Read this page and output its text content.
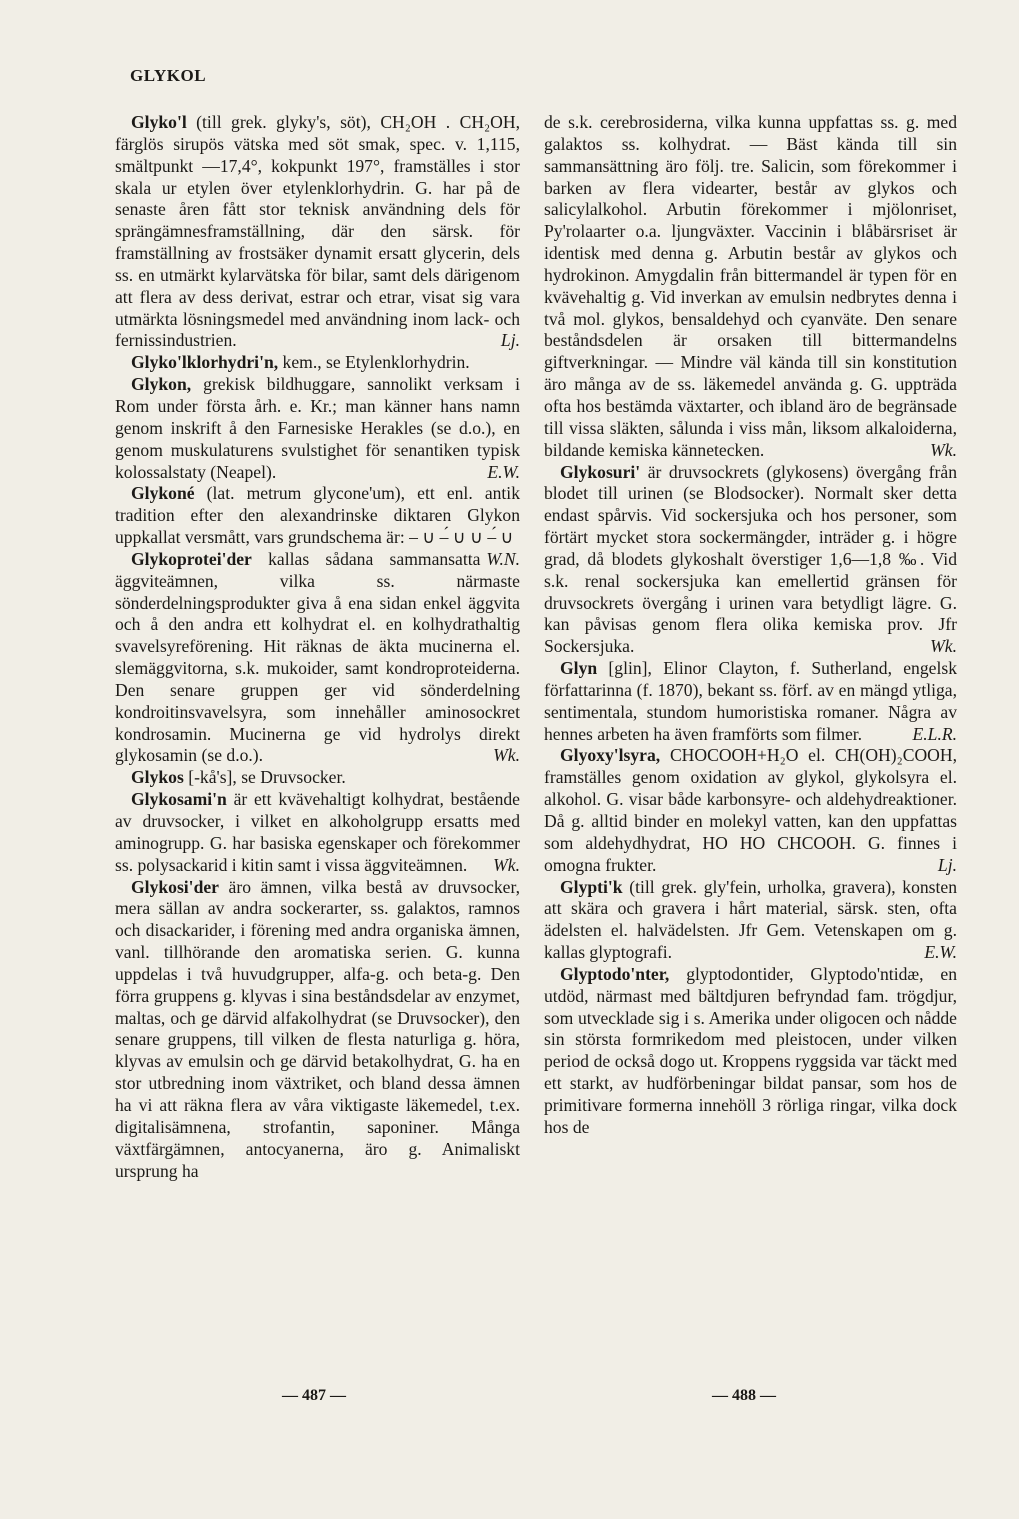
GLYKOL

Glyko'l (till grek. glyky's, söt), CH₂OH . CH₂OH, färglös sirupös vätska med söt smak, spec. v. 1,115, smältpunkt —17,4°, kokpunkt 197°, framställes i stor skala ur etylen över etylenklorhydrin. G. har på de senaste åren fått stor teknisk användning dels för sprängämnesframställning, där den särsk. för framställning av frostsäker dynamit ersatt glycerin, dels ss. en utmärkt kylarvätska för bilar, samt dels därigenom att flera av dess derivat, estrar och etrar, visat sig vara utmärkta lösningsmedel med användning inom lack- och fernissindustrien.	Lj.

Glyko'lklorhydri'n, kem., se Etylenklorhydrin.

Glykon, grekisk bildhuggare, sannolikt verksam i Rom under första årh. e. Kr.; man känner hans namn genom inskrift å den Farnesiske Herakles (se d.o.), en genom muskulaturens svulstighet för senantiken typisk kolossalstaty (Neapel).	E.W.

Glykoné (lat. metrum glycone'um), ett enl. antik tradition efter den alexandrinske diktaren Glykon uppkallat versmått, vars grundschema är: – ∪ –́ ∪ ∪ –́ ∪
W.N.

Glykoprotei'der kallas sådana sammansatta äggviteämnen, vilka ss. närmaste sönderdelningsprodukter giva å ena sidan enkel äggvita och å den andra ett kolhydrat el. en kolhydrathaltig svavelsyreförening. Hit räknas de äkta mucinerna el. slemäggvitorna, s.k. mukoider, samt kondroproteiderna. Den senare gruppen ger vid sönderdelning kondroitinsvavelsyra, som innehåller aminosockret kondrosamin. Mucinerna ge vid hydrolys direkt glykosamin (se d.o.).	Wk.

Glykos [-kå's], se Druvsocker.

Glykosami'n är ett kvävehaltigt kolhydrat, bestående av druvsocker, i vilket en alkoholgrupp ersatts med aminogrupp. G. har basiska egenskaper och förekommer ss. polysackarid i kitin samt i vissa äggviteämnen. Wk.

Glykosi'der äro ämnen, vilka bestå av druvsocker, mera sällan av andra sockerarter, ss. galaktos, ramnos och disackarider, i förening med andra organiska ämnen, vanl. tillhörande den aromatiska serien. G. kunna uppdelas i två huvudgrupper, alfa-g. och beta-g. Den förra gruppens g. klyvas i sina beståndsdelar av enzymet, maltas, och ge därvid alfakolhydrat (se Druvsocker), den senare gruppens, till vilken de flesta naturliga g. höra, klyvas av emulsin och ge därvid betakolhydrat, G. ha en stor utbredning inom växtriket, och bland dessa ämnen ha vi att räkna flera av våra viktigaste läkemedel, t.ex. digitalisämnena, strofantin, saponiner. Många växtfärgämnen, antocyanerna, äro g. Animaliskt ursprung ha

de s.k. cerebrosiderna, vilka kunna uppfattas ss. g. med galaktos ss. kolhydrat. — Bäst kända till sin sammansättning äro följ. tre. Salicin, som förekommer i barken av flera videarter, består av glykos och salicylalkohol. Arbutin förekommer i mjölonriset, Py'rolaarter o.a. ljungväxter. Vaccinin i blåbärsriset är identisk med denna g. Arbutin består av glykos och hydrokinon. Amygdalin från bittermandel är typen för en kvävehaltig g. Vid inverkan av emulsin nedbrytes denna i två mol. glykos, bensaldehyd och cyanväte. Den senare beståndsdelen är orsaken till bittermandelns giftverkningar. — Mindre väl kända till sin konstitution äro många av de ss. läkemedel använda g. G. uppträda ofta hos bestämda växtarter, och ibland äro de begränsade till vissa släkten, sålunda i viss mån, liksom alkaloiderna, bildande kemiska kännetecken.	Wk.

Glykosuri' är druvsockrets (glykosens) övergång från blodet till urinen (se Blodsocker). Normalt sker detta endast spårvis. Vid sockersjuka och hos personer, som förtärt mycket stora sockermängder, inträder g. i högre grad, då blodets glykoshalt överstiger 1,6—1,8 ‰. Vid s.k. renal sockersjuka kan emellertid gränsen för druvsockrets övergång i urinen vara betydligt lägre. G. kan påvisas genom flera olika kemiska prov. Jfr Sockersjuka.	Wk.

Glyn [glin], Elinor Clayton, f. Sutherland, engelsk författarinna (f. 1870), bekant ss. förf. av en mängd ytliga, sentimentala, stundom humoristiska romaner. Några av hennes arbeten ha även framförts som filmer.	E.L.R.

Glyoxy'lsyra, CHOCOOH+H₂O el. CH(OH)₂COOH, framställes genom oxidation av glykol, glykolsyra el. alkohol. G. visar både karbonsyre- och aldehydreaktioner. Då g. alltid binder en molekyl vatten, kan den uppfattas som aldehydhydrat, HO HO CHCOOH. G. finnes i omogna frukter.	Lj.

Glypti'k (till grek. gly'fein, urholka, gravera), konsten att skära och gravera i hårt material, särsk. sten, ofta ädelsten el. halvädelsten. Jfr Gem. Vetenskapen om g. kallas glyptografi.	E.W.

Glyptodo'nter, glyptodontider, Glyptodo'ntidæ, en utdöd, närmast med bältdjuren befryndad fam. trögdjur, som utvecklade sig i s. Amerika under oligocen och nådde sin största formrikedom med pleistocen, under vilken period de också dogo ut. Kroppens ryggsida var täckt med ett starkt, av hudförbeningar bildat pansar, som hos de primitivare formerna innehöll 3 rörliga ringar, vilka dock hos de

— 487 —	— 488 —
